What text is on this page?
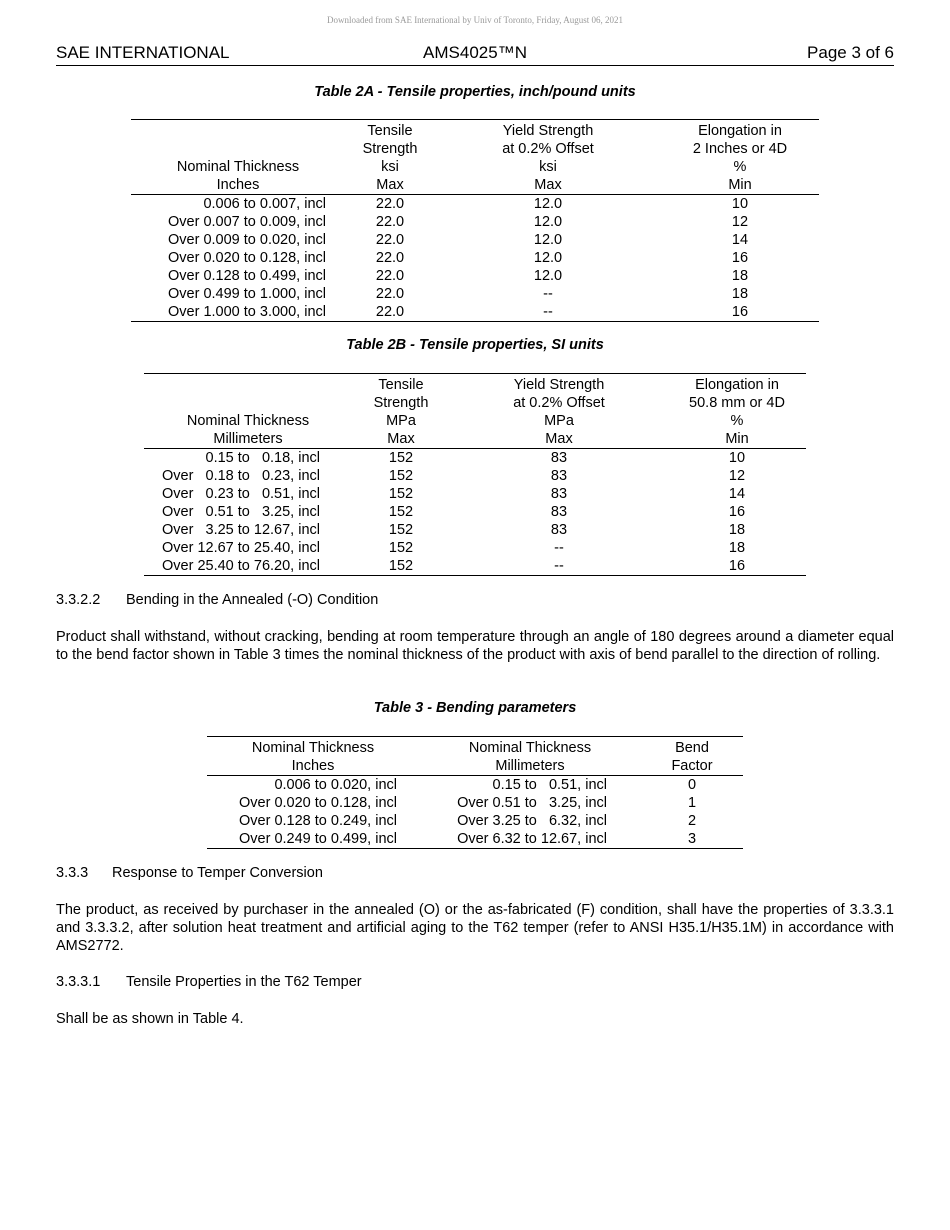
Downloaded from SAE International by Univ of Toronto, Friday, August 06, 2021
SAE INTERNATIONAL	AMS4025™N	Page 3 of 6
Table 2A - Tensile properties, inch/pound units
	Tensile	Yield Strength	Elongation in
	Strength	at 0.2% Offset	2 Inches or 4D
Nominal Thickness	ksi	ksi	%
Inches	Max	Max	Min
0.006 to 0.007, incl	22.0	12.0	10
Over 0.007 to 0.009, incl	22.0	12.0	12
Over 0.009 to 0.020, incl	22.0	12.0	14
Over 0.020 to 0.128, incl	22.0	12.0	16
Over 0.128 to 0.499, incl	22.0	12.0	18
Over 0.499 to 1.000, incl	22.0	--	18
Over 1.000 to 3.000, incl	22.0	--	16
Table 2B - Tensile properties, SI units
	Tensile	Yield Strength	Elongation in
	Strength	at 0.2% Offset	50.8 mm or 4D
Nominal Thickness	MPa	MPa	%
Millimeters	Max	Max	Min
0.15 to   0.18, incl	152	83	10
Over   0.18 to   0.23, incl	152	83	12
Over   0.23 to   0.51, incl	152	83	14
Over   0.51 to   3.25, incl	152	83	16
Over   3.25 to 12.67, incl	152	83	18
Over 12.67 to 25.40, incl	152	--	18
Over 25.40 to 76.20, incl	152	--	16
3.3.2.2 Bending in the Annealed (-O) Condition
Product shall withstand, without cracking, bending at room temperature through an angle of 180 degrees around a diameter equal to the bend factor shown in Table 3 times the nominal thickness of the product with axis of bend parallel to the direction of rolling.
Table 3 - Bending parameters
Nominal Thickness	Nominal Thickness	Bend
Inches	Millimeters	Factor
0.006 to 0.020, incl	0.15 to   0.51, incl	0
Over 0.020 to 0.128, incl	Over 0.51 to   3.25, incl	1
Over 0.128 to 0.249, incl	Over 3.25 to   6.32, incl	2
Over 0.249 to 0.499, incl	Over 6.32 to 12.67, incl	3
3.3.3 Response to Temper Conversion
The product, as received by purchaser in the annealed (O) or the as-fabricated (F) condition, shall have the properties of 3.3.3.1 and 3.3.3.2, after solution heat treatment and artificial aging to the T62 temper (refer to ANSI H35.1/H35.1M) in accordance with AMS2772.
3.3.3.1 Tensile Properties in the T62 Temper
Shall be as shown in Table 4.
